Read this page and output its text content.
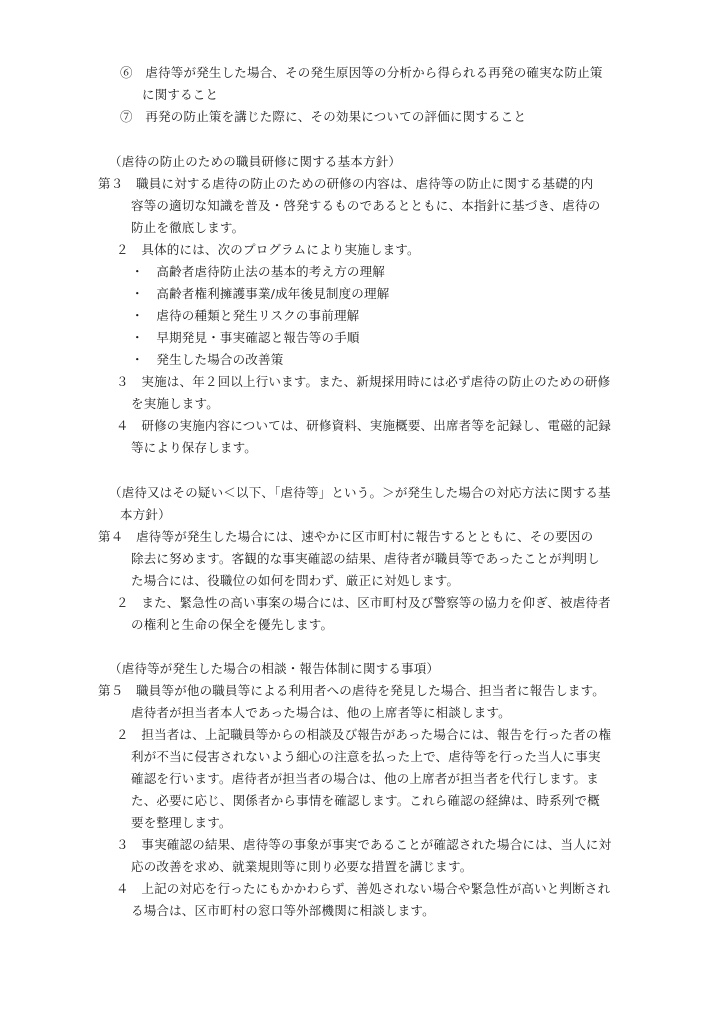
⑥　虐待等が発生した場合、その発生原因等の分析から得られる再発の確実な防止策
に関すること
⑦　再発の防止策を講じた際に、その効果についての評価に関すること
（虐待の防止のための職員研修に関する基本方針）
第３　職員に対する虐待の防止のための研修の内容は、虐待等の防止に関する基礎的内
容等の適切な知識を普及・啓発するものであるとともに、本指針に基づき、虐待の
防止を徹底します。
２　具体的には、次のプログラムにより実施します。
・　高齢者虐待防止法の基本的考え方の理解
・　高齢者権利擁護事業/成年後見制度の理解
・　虐待の種類と発生リスクの事前理解
・　早期発見・事実確認と報告等の手順
・　発生した場合の改善策
３　実施は、年２回以上行います。また、新規採用時には必ず虐待の防止のための研修
を実施します。
４　研修の実施内容については、研修資料、実施概要、出席者等を記録し、電磁的記録
等により保存します。
（虐待又はその疑い＜以下、「虐待等」という。＞が発生した場合の対応方法に関する基
本方針）
第４　虐待等が発生した場合には、速やかに区市町村に報告するとともに、その要因の
除去に努めます。客観的な事実確認の結果、虐待者が職員等であったことが判明し
た場合には、役職位の如何を問わず、厳正に対処します。
２　また、緊急性の高い事案の場合には、区市町村及び警察等の協力を仰ぎ、被虐待者
の権利と生命の保全を優先します。
（虐待等が発生した場合の相談・報告体制に関する事項）
第５　職員等が他の職員等による利用者への虐待を発見した場合、担当者に報告します。
虐待者が担当者本人であった場合は、他の上席者等に相談します。
２　担当者は、上記職員等からの相談及び報告があった場合には、報告を行った者の権
利が不当に侵害されないよう細心の注意を払った上で、虐待等を行った当人に事実
確認を行います。虐待者が担当者の場合は、他の上席者が担当者を代行します。ま
た、必要に応じ、関係者から事情を確認します。これら確認の経緯は、時系列で概
要を整理します。
３　事実確認の結果、虐待等の事象が事実であることが確認された場合には、当人に対
応の改善を求め、就業規則等に則り必要な措置を講じます。
４　上記の対応を行ったにもかかわらず、善処されない場合や緊急性が高いと判断され
る場合は、区市町村の窓口等外部機関に相談します。
